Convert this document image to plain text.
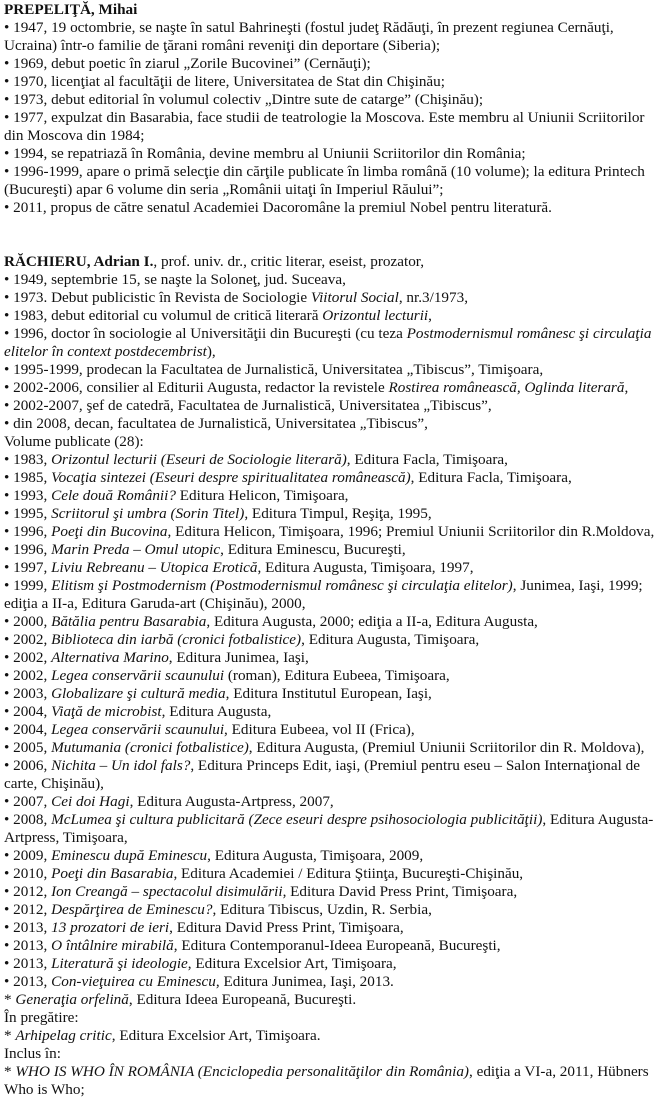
PREPELIŢĂ, Mihai

• 1947, 19 octombrie, se naşte în satul Bahrineşti (fostul judeţ Rădăuţi, în prezent regiunea Cernăuţi, Ucraina) într-o familie de ţărani români reveniţi din deportare (Siberia);

• 1969, debut poetic în ziarul „Zorile Bucovinei” (Cernăuţi);

• 1970, licenţiat al facultăţii de litere, Universitatea de Stat din Chişinău;

• 1973, debut editorial în volumul colectiv „Dintre sute de catarge” (Chişinău);

• 1977, expulzat din Basarabia, face studii de teatrologie la Moscova. Este membru al Uniunii Scriitorilor din Moscova din 1984;

• 1994, se repatriază în România, devine membru al Uniunii Scriitorilor din România;

• 1996-1999, apare o primă selecţie din cărţile publicate în limba română (10 volume); la editura Printech (Bucureşti) apar 6 volume din seria „Românii uitaţi în Imperiul Răului”;

• 2011, propus de către senatul Academiei Dacoromâne la premiul Nobel pentru literatură.

RĂCHIERU, Adrian I., prof. univ. dr., critic literar, eseist, prozator,

• 1949, septembrie 15, se naşte la Soloneţ, jud. Suceava,

• 1973. Debut publicistic în Revista de Sociologie Viitorul Social, nr.3/1973,

• 1983, debut editorial cu volumul de critică literară Orizontul lecturii,

• 1996, doctor în sociologie al Universităţii din Bucureşti (cu teza Postmodernismul românesc şi circulaţia elitelor în context postdecembrist),

• 1995-1999, prodecan la Facultatea de Jurnalistică, Universitatea „Tibiscus”, Timişoara,

• 2002-2006, consilier al Editurii Augusta, redactor la revistele Rostirea românească, Oglinda literară,

• 2002-2007, şef de catedră, Facultatea de Jurnalistică, Universitatea „Tibiscus”,

• din 2008, decan, facultatea de Jurnalistică, Universitatea „Tibiscus”,

Volume publicate (28):

• 1983, Orizontul lecturii (Eseuri de Sociologie literară), Editura Facla, Timişoara,

• 1985, Vocaţia sintezei (Eseuri despre spiritualitatea românească), Editura Facla, Timişoara,

• 1993, Cele două Românii? Editura Helicon, Timişoara,

• 1995, Scriitorul şi umbra (Sorin Titel), Editura Timpul, Reşiţa, 1995,

• 1996, Poeţi din Bucovina, Editura Helicon, Timişoara, 1996; Premiul Uniunii Scriitorilor din R.Moldova,

• 1996, Marin Preda – Omul utopic, Editura Eminescu, Bucureşti,

• 1997, Liviu Rebreanu – Utopica Erotică, Editura Augusta, Timişoara, 1997,

• 1999, Elitism şi Postmodernism (Postmodernismul românesc şi circulaţia elitelor), Junimea, Iaşi, 1999; ediţia a II-a, Editura Garuda-art (Chişinău), 2000,

• 2000, Bătălia pentru Basarabia, Editura Augusta, 2000; ediţia a II-a, Editura Augusta,

• 2002, Biblioteca din iarbă (cronici fotbalistice), Editura Augusta, Timişoara,

• 2002, Alternativa Marino, Editura Junimea, Iaşi,

• 2002, Legea conservării scaunului (roman), Editura Eubeea, Timişoara,

• 2003, Globalizare şi cultură media, Editura Institutul European, Iaşi,

• 2004, Viaţă de microbist, Editura Augusta,

• 2004, Legea conservării scaunului, Editura Eubeea, vol II (Frica),

• 2005, Mutumania (cronici fotbalistice), Editura Augusta, (Premiul Uniunii Scriitorilor din R. Moldova),

• 2006, Nichita – Un idol fals?, Editura Princeps Edit, iaşi, (Premiul pentru eseu – Salon Internaţional de carte, Chişinău),

• 2007, Cei doi Hagi, Editura Augusta-Artpress, 2007,

• 2008, McLumea şi cultura publicitară (Zece eseuri despre psihosociologia publicităţii), Editura Augusta-Artpress, Timişoara,

• 2009, Eminescu după Eminescu, Editura Augusta, Timişoara, 2009,

• 2010, Poeţi din Basarabia, Editura Academiei / Editura Ştiinţa, Bucureşti-Chişinău,

• 2012, Ion Creangă – spectacolul disimulării, Editura David Press Print, Timişoara,

• 2012, Despărţirea de Eminescu?, Editura Tibiscus, Uzdin, R. Serbia,

• 2013, 13 prozatori de ieri, Editura David Press Print, Timişoara,

• 2013, O întâlnire mirabilă, Editura Contemporanul-Ideea Europeană, Bucureşti,

• 2013, Literatură şi ideologie, Editura Excelsior Art, Timişoara,

• 2013, Con-vieţuirea cu Eminescu, Editura Junimea, Iaşi, 2013.

* Generaţia orfelină, Editura Ideea Europeană, Bucureşti.

În pregătire:

* Arhipelag critic, Editura Excelsior Art, Timişoara.

Inclus în:

* WHO IS WHO ÎN ROMÂNIA (Enciclopedia personalităţilor din România), ediţia a VI-a, 2011, Hübners Who is Who;
